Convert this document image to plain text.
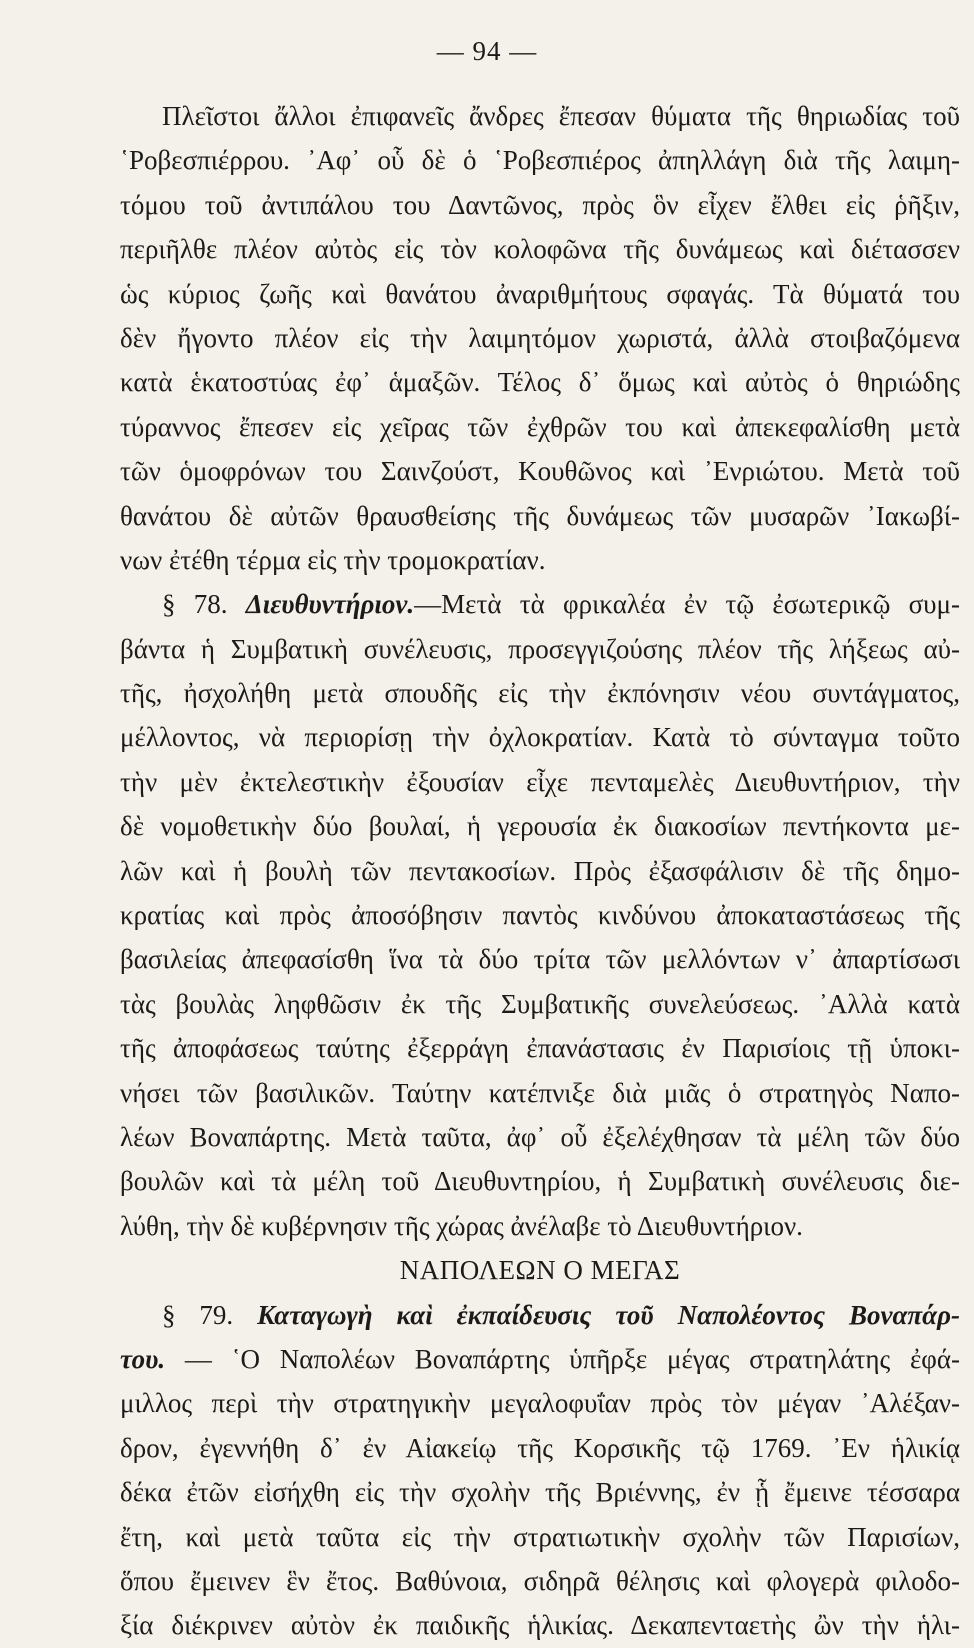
— 94 —
Πλεῖστοι ἄλλοι ἐπιφανεῖς ἄνδρες ἔπεσαν θύματα τῆς θηριωδίας τοῦ
῾Ροβεσπιέρρου. ᾿Αφ᾿ οὗ δὲ ὁ ῾Ροβεσπιέρος ἀπηλλάγη διὰ τῆς λαιμη-
τόμου τοῦ ἀντιπάλου του Δαντῶνος, πρὸς ὃν εἶχεν ἔλθει εἰς ῥῆξιν,
περιῆλθε πλέον αὐτὸς εἰς τὸν κολοφῶνα τῆς δυνάμεως καὶ διέτασσεν
ὡς κύριος ζωῆς καὶ θανάτου ἀναριθμήτους σφαγάς. Τὰ θύματά του
δὲν ἤγοντο πλέον εἰς τὴν λαιμητόμον χωριστά, ἀλλὰ στοιβαζόμενα
κατὰ ἑκατοστύας ἐφ᾿ ἁμαξῶν. Τέλος δ᾿ ὅμως καὶ αὐτὸς ὁ θηριώδης
τύραννος ἔπεσεν εἰς χεῖρας τῶν ἐχθρῶν του καὶ ἀπεκεφαλίσθη μετὰ
τῶν ὁμοφρόνων του Σαινζούστ, Κουθῶνος καὶ ᾿Ενριώτου. Μετὰ τοῦ
θανάτου δὲ αὐτῶν θραυσθείσης τῆς δυνάμεως τῶν μυσαρῶν ᾿Ιακωβί-
νων ἐτέθη τέρμα εἰς τὴν τρομοκρατίαν.
§ 78. Διευθυντήριον.—Μετὰ τὰ φρικαλέα ἐν τῷ ἐσωτερικῷ συμ-
βάντα ἡ Συμβατικὴ συνέλευσις, προσεγγιζούσης πλέον τῆς λήξεως αὐ-
τῆς, ἠσχολήθη μετὰ σπουδῆς εἰς τὴν ἐκπόνησιν νέου συντάγματος,
μέλλοντος, νὰ περιορίσῃ τὴν ὀχλοκρατίαν. Κατὰ τὸ σύνταγμα τοῦτο
τὴν μὲν ἐκτελεστικὴν ἐξουσίαν εἶχε πενταμελὲς Διευθυντήριον, τὴν
δὲ νομοθετικὴν δύο βουλαί, ἡ γερουσία ἐκ διακοσίων πεντήκοντα με-
λῶν καὶ ἡ βουλὴ τῶν πεντακοσίων. Πρὸς ἐξασφάλισιν δὲ τῆς δημο-
κρατίας καὶ πρὸς ἀποσόβησιν παντὸς κινδύνου ἀποκαταστάσεως τῆς
βασιλείας ἀπεφασίσθη ἵνα τὰ δύο τρίτα τῶν μελλόντων ν᾿ ἀπαρτίσωσι
τὰς βουλὰς ληφθῶσιν ἐκ τῆς Συμβατικῆς συνελεύσεως. ᾿Αλλὰ κατὰ
τῆς ἀποφάσεως ταύτης ἐξερράγη ἐπανάστασις ἐν Παρισίοις τῇ ὑποκι-
νήσει τῶν βασιλικῶν. Ταύτην κατέπνιξε διὰ μιᾶς ὁ στρατηγὸς Ναπο-
λέων Βοναπάρτης. Μετὰ ταῦτα, ἀφ᾿ οὗ ἐξελέχθησαν τὰ μέλη τῶν δύο
βουλῶν καὶ τὰ μέλη τοῦ Διευθυντηρίου, ἡ Συμβατικὴ συνέλευσις διε-
λύθη, τὴν δὲ κυβέρνησιν τῆς χώρας ἀνέλαβε τὸ Διευθυντήριον.
ΝΑΠΟΛΕΩΝ Ο ΜΕΓΑΣ
§ 79. Καταγωγὴ καὶ ἐκπαίδευσις τοῦ Ναπολέοντος Βοναπάρ-
του. — ῾Ο Ναπολέων Βοναπάρτης ὑπῆρξε μέγας στρατηλάτης ἐφά-
μιλλος περὶ τὴν στρατηγικὴν μεγαλοφυΐαν πρὸς τὸν μέγαν ᾿Αλέξαν-
δρον, ἐγεννήθη δ᾿ ἐν Αἰακείῳ τῆς Κορσικῆς τῷ 1769. ᾿Εν ἡλικίᾳ
δέκα ἐτῶν εἰσήχθη εἰς τὴν σχολὴν τῆς Βριέννης, ἐν ᾗ ἔμεινε τέσσαρα
ἔτη, καὶ μετὰ ταῦτα εἰς τὴν στρατιωτικὴν σχολὴν τῶν Παρισίων,
ὅπου ἔμεινεν ἓν ἔτος. Βαθύνοια, σιδηρᾶ θέλησις καὶ φλογερὰ φιλοδο-
ξία διέκρινεν αὐτὸν ἐκ παιδικῆς ἡλικίας. Δεκαπενταετὴς ὢν τὴν ἡλι-
